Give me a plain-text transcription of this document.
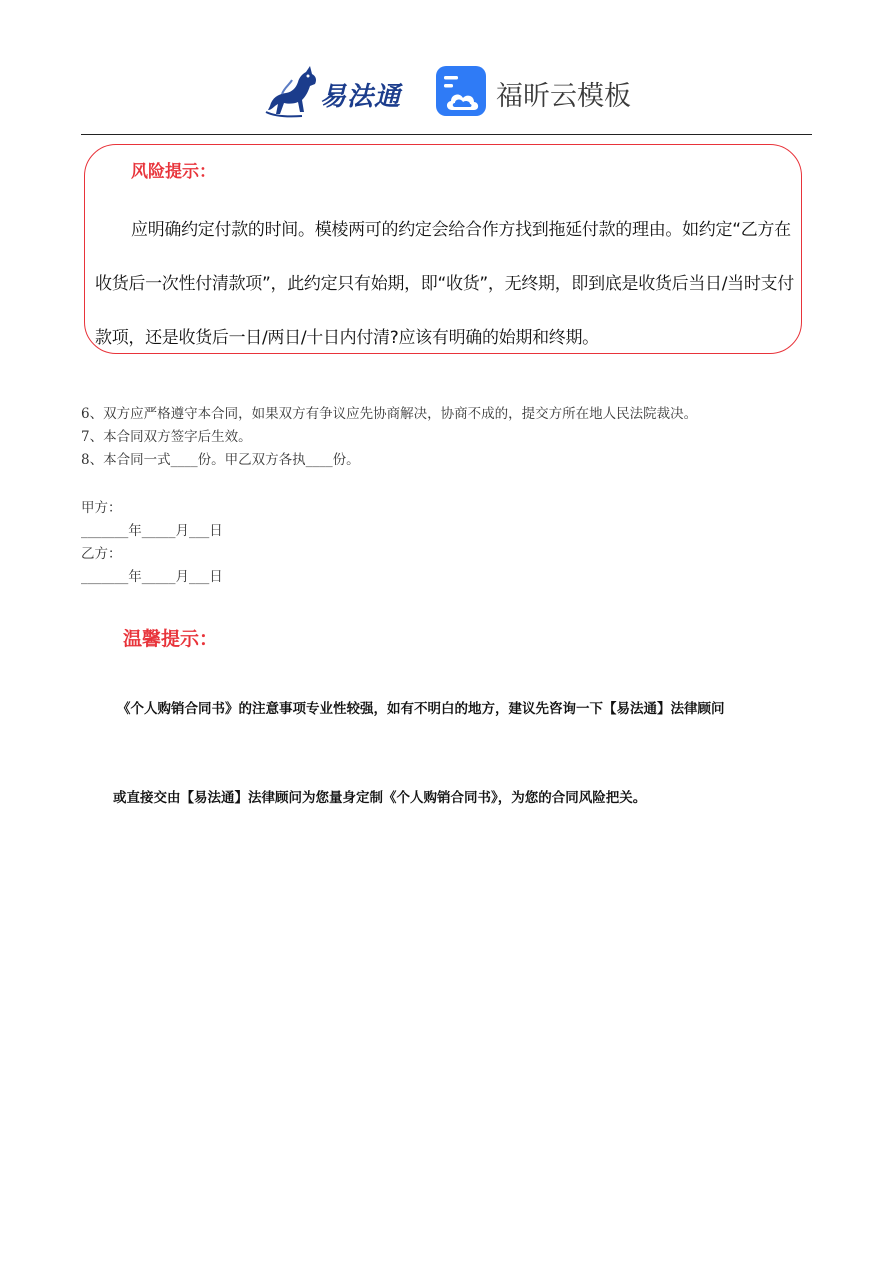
易法通	福昕云模板
风险提示：
应明确约定付款的时间。模棱两可的约定会给合作方找到拖延付款的理由。如约定“乙方在收货后一次性付清款项”，此约定只有始期，即“收货”，无终期，即到底是收货后当日/当时支付款项，还是收货后一日/两日/十日内付清?应该有明确的始期和终期。
6、双方应严格遵守本合同，如果双方有争议应先协商解决，协商不成的，提交方所在地人民法院裁决。
7、本合同双方签字后生效。
8、本合同一式____份。甲乙双方各执____份。
甲方：
_______年_____月___日
乙方：
_______年_____月___日
温馨提示：
《个人购销合同书》的注意事项专业性较强，如有不明白的地方，建议先咨询一下【易法通】法律顾问
或直接交由【易法通】法律顾问为您量身定制《个人购销合同书》，为您的合同风险把关。
